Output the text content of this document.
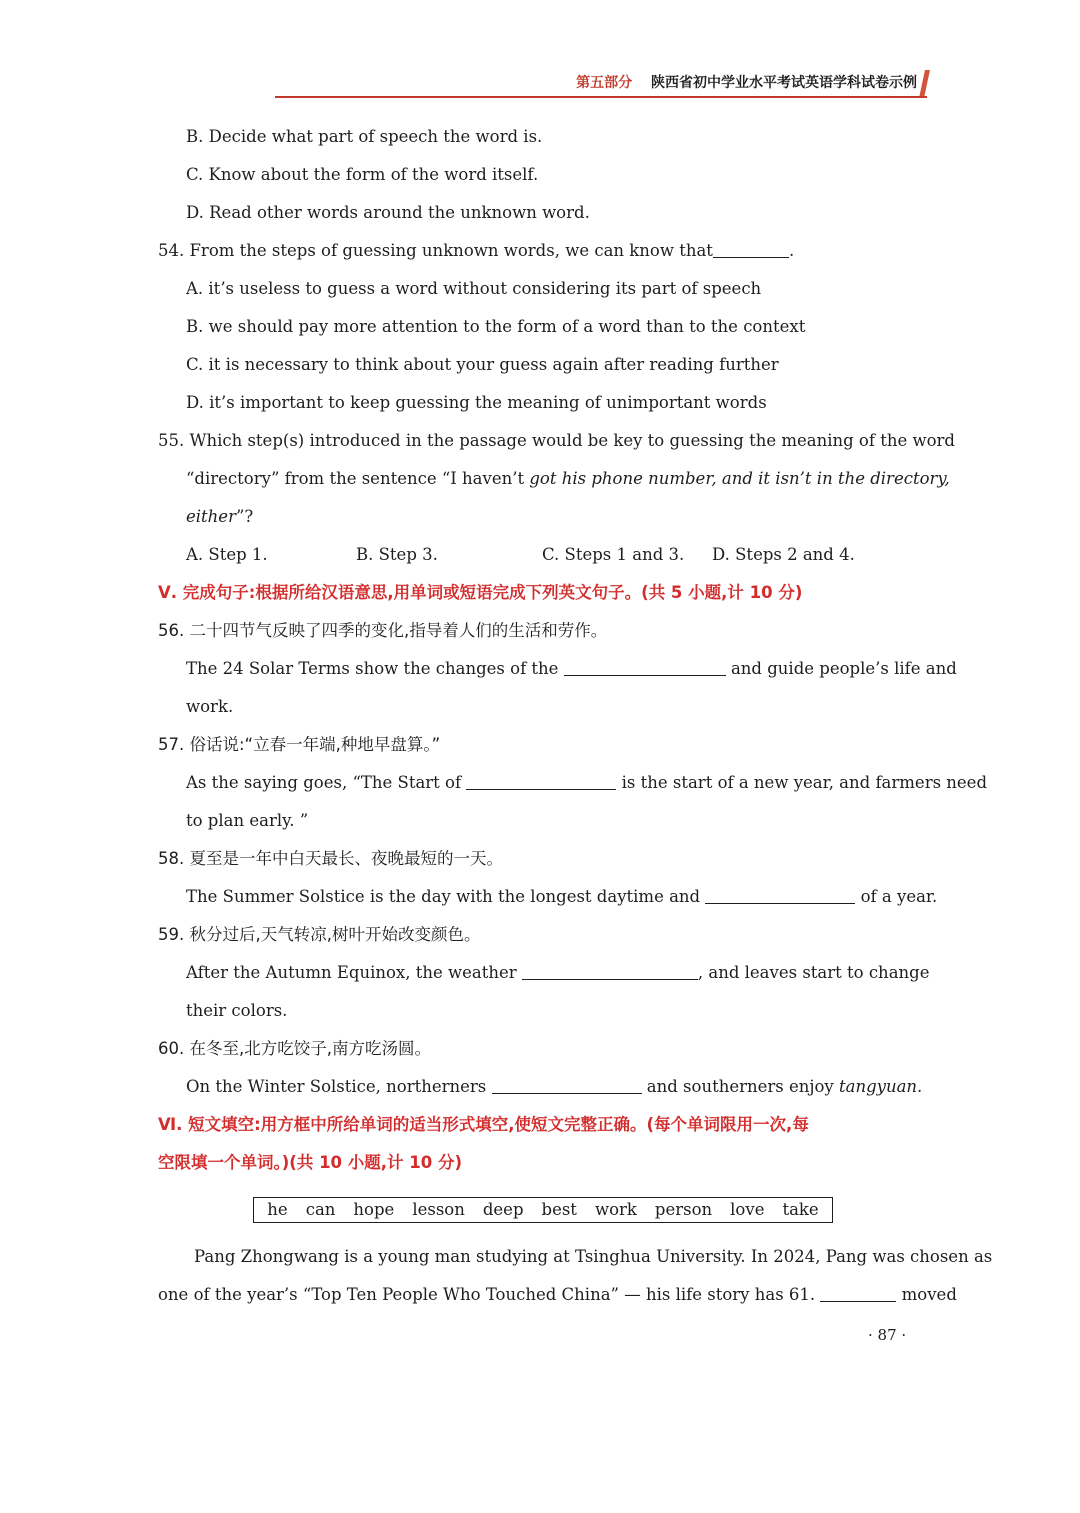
第五部分 陕西省初中学业水平考试英语学科试卷示例
B. Decide what part of speech the word is.
C. Know about the form of the word itself.
D. Read other words around the unknown word.
54. From the steps of guessing unknown words, we can know that	.
A. it’s useless to guess a word without considering its part of speech
B. we should pay more attention to the form of a word than to the context
C. it is necessary to think about your guess again after reading further
D. it’s important to keep guessing the meaning of unimportant words
55. Which step(s) introduced in the passage would be key to guessing the meaning of the word
“directory” from the sentence “I haven’t got his phone number, and it isn’t in the directory,
either”?
A. Step 1.	B. Step 3.	C. Steps 1 and 3.	D. Steps 2 and 4.
Ⅴ. 完成句子:根据所给汉语意思,用单词或短语完成下列英文句子。(共 5 小题,计 10 分)
56. 二十四节气反映了四季的变化,指导着人们的生活和劳作。
The 24 Solar Terms show the changes of the	and guide people’s life and
work.
57. 俗话说:“立春一年端,种地早盘算。”
As the saying goes, “The Start of	is the start of a new year, and farmers need
to plan early. ”
58. 夏至是一年中白天最长、夜晚最短的一天。
The Summer Solstice is the day with the longest daytime and	of a year.
59. 秋分过后,天气转凉,树叶开始改变颜色。
After the Autumn Equinox, the weather	, and leaves start to change
their colors.
60. 在冬至,北方吃饺子,南方吃汤圆。
On the Winter Solstice, northerners	and southerners enjoy tangyuan.
Ⅵ. 短文填空:用方框中所给单词的适当形式填空,使短文完整正确。(每个单词限用一次,每
空限填一个单词。)(共 10 小题,计 10 分)
he can hope lesson deep best work person love take
Pang Zhongwang is a young man studying at Tsinghua University. In 2024, Pang was chosen as
one of the year’s “Top Ten People Who Touched China” — his life story has 61.	moved
· 87 ·
